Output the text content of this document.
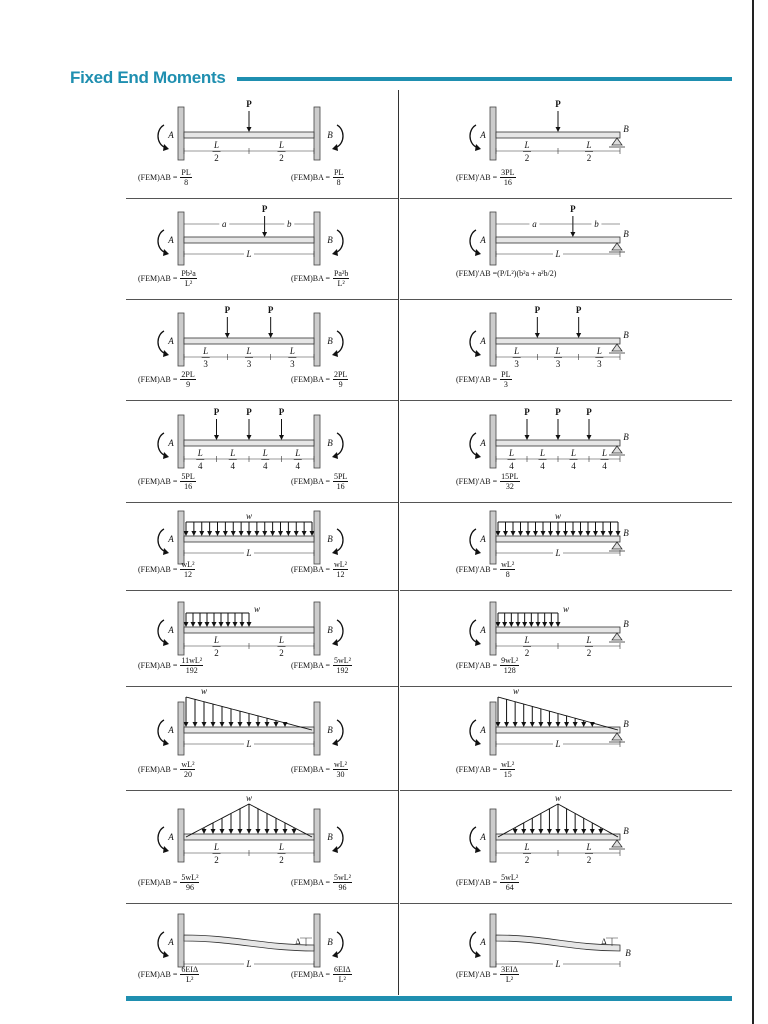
Fixed End Moments
A	B
P
L
2
L
2
$(FEM)AB = \frac{PL}{8}$	$(FEM)BA = \frac{PL}{8}$
A
B
P
L
2
L
2
$(FEM)'AB = \frac{3PL}{16}$
A	B
P
a	b
L
$(FEM)AB = \frac{\text{Pb²a}}{\text{L²}}$	$(FEM)BA = \frac{\text{Pa²b}}{\text{L²}}$
A
B
P
a	b
L
(FEM)′AB = (P/L²)(b²a + a²b/2)
A	B
P	P
L
3
L
3
L
3
$(FEM)AB = \frac{2PL}{9}$	$(FEM)BA = \frac{2PL}{9}$
A
B
P	P
L
3
L
3
L
3
$(FEM)'AB = \frac{PL}{3}$
A	B
P	P	P
L
4
L
4
L
4
L
4
$(FEM)AB = \frac{5PL}{16}$	$(FEM)BA = \frac{5PL}{16}$
A
B
P	P	P
L
4
L
4
L
4
L
4
$(FEM)'AB = \frac{15PL}{32}$
A	B
w
L
$(FEM)AB = \frac{\text{wL²}}{12}$	$(FEM)BA = \frac{\text{wL²}}{12}$
A
B
w
L
$(FEM)'AB = \frac{\text{wL²}}{8}$
A	B
w
L
2
L
2
$(FEM)AB = \frac{\text{11wL²}}{192}$	$(FEM)BA = \frac{\text{5wL²}}{192}$
A
B
w
L
2
L
2
$(FEM)'AB = \frac{\text{9wL²}}{128}$
A	B
w
L
$(FEM)AB = \frac{\text{wL²}}{20}$	$(FEM)BA = \frac{\text{wL²}}{30}$
A
B
w
L
$(FEM)'AB = \frac{\text{wL²}}{15}$
A	B
w
L
2
L
2
$(FEM)AB = \frac{\text{5wL²}}{96}$	$(FEM)BA = \frac{\text{5wL²}}{96}$
A
B
w
L
2
L
2
$(FEM)'AB = \frac{\text{5wL²}}{64}$
A	B
Δ
L
(FEM)AB =
6EIΔ
L²
(FEM)BA =
6EIΔ
L²
A	Δ
L
B
(FEM)′AB =
3EIΔ
L²
